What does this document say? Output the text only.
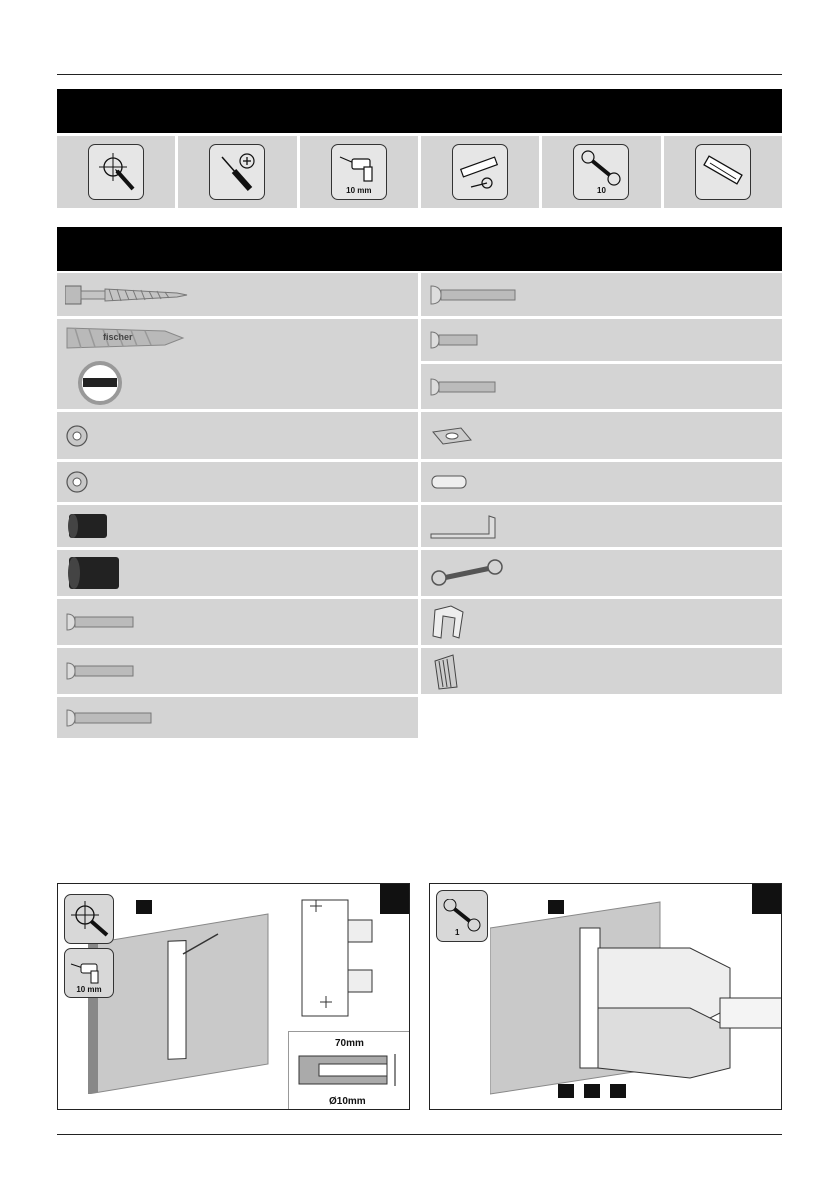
10 mm	10
fischer
10 mm
70mm
Ø10mm
1
